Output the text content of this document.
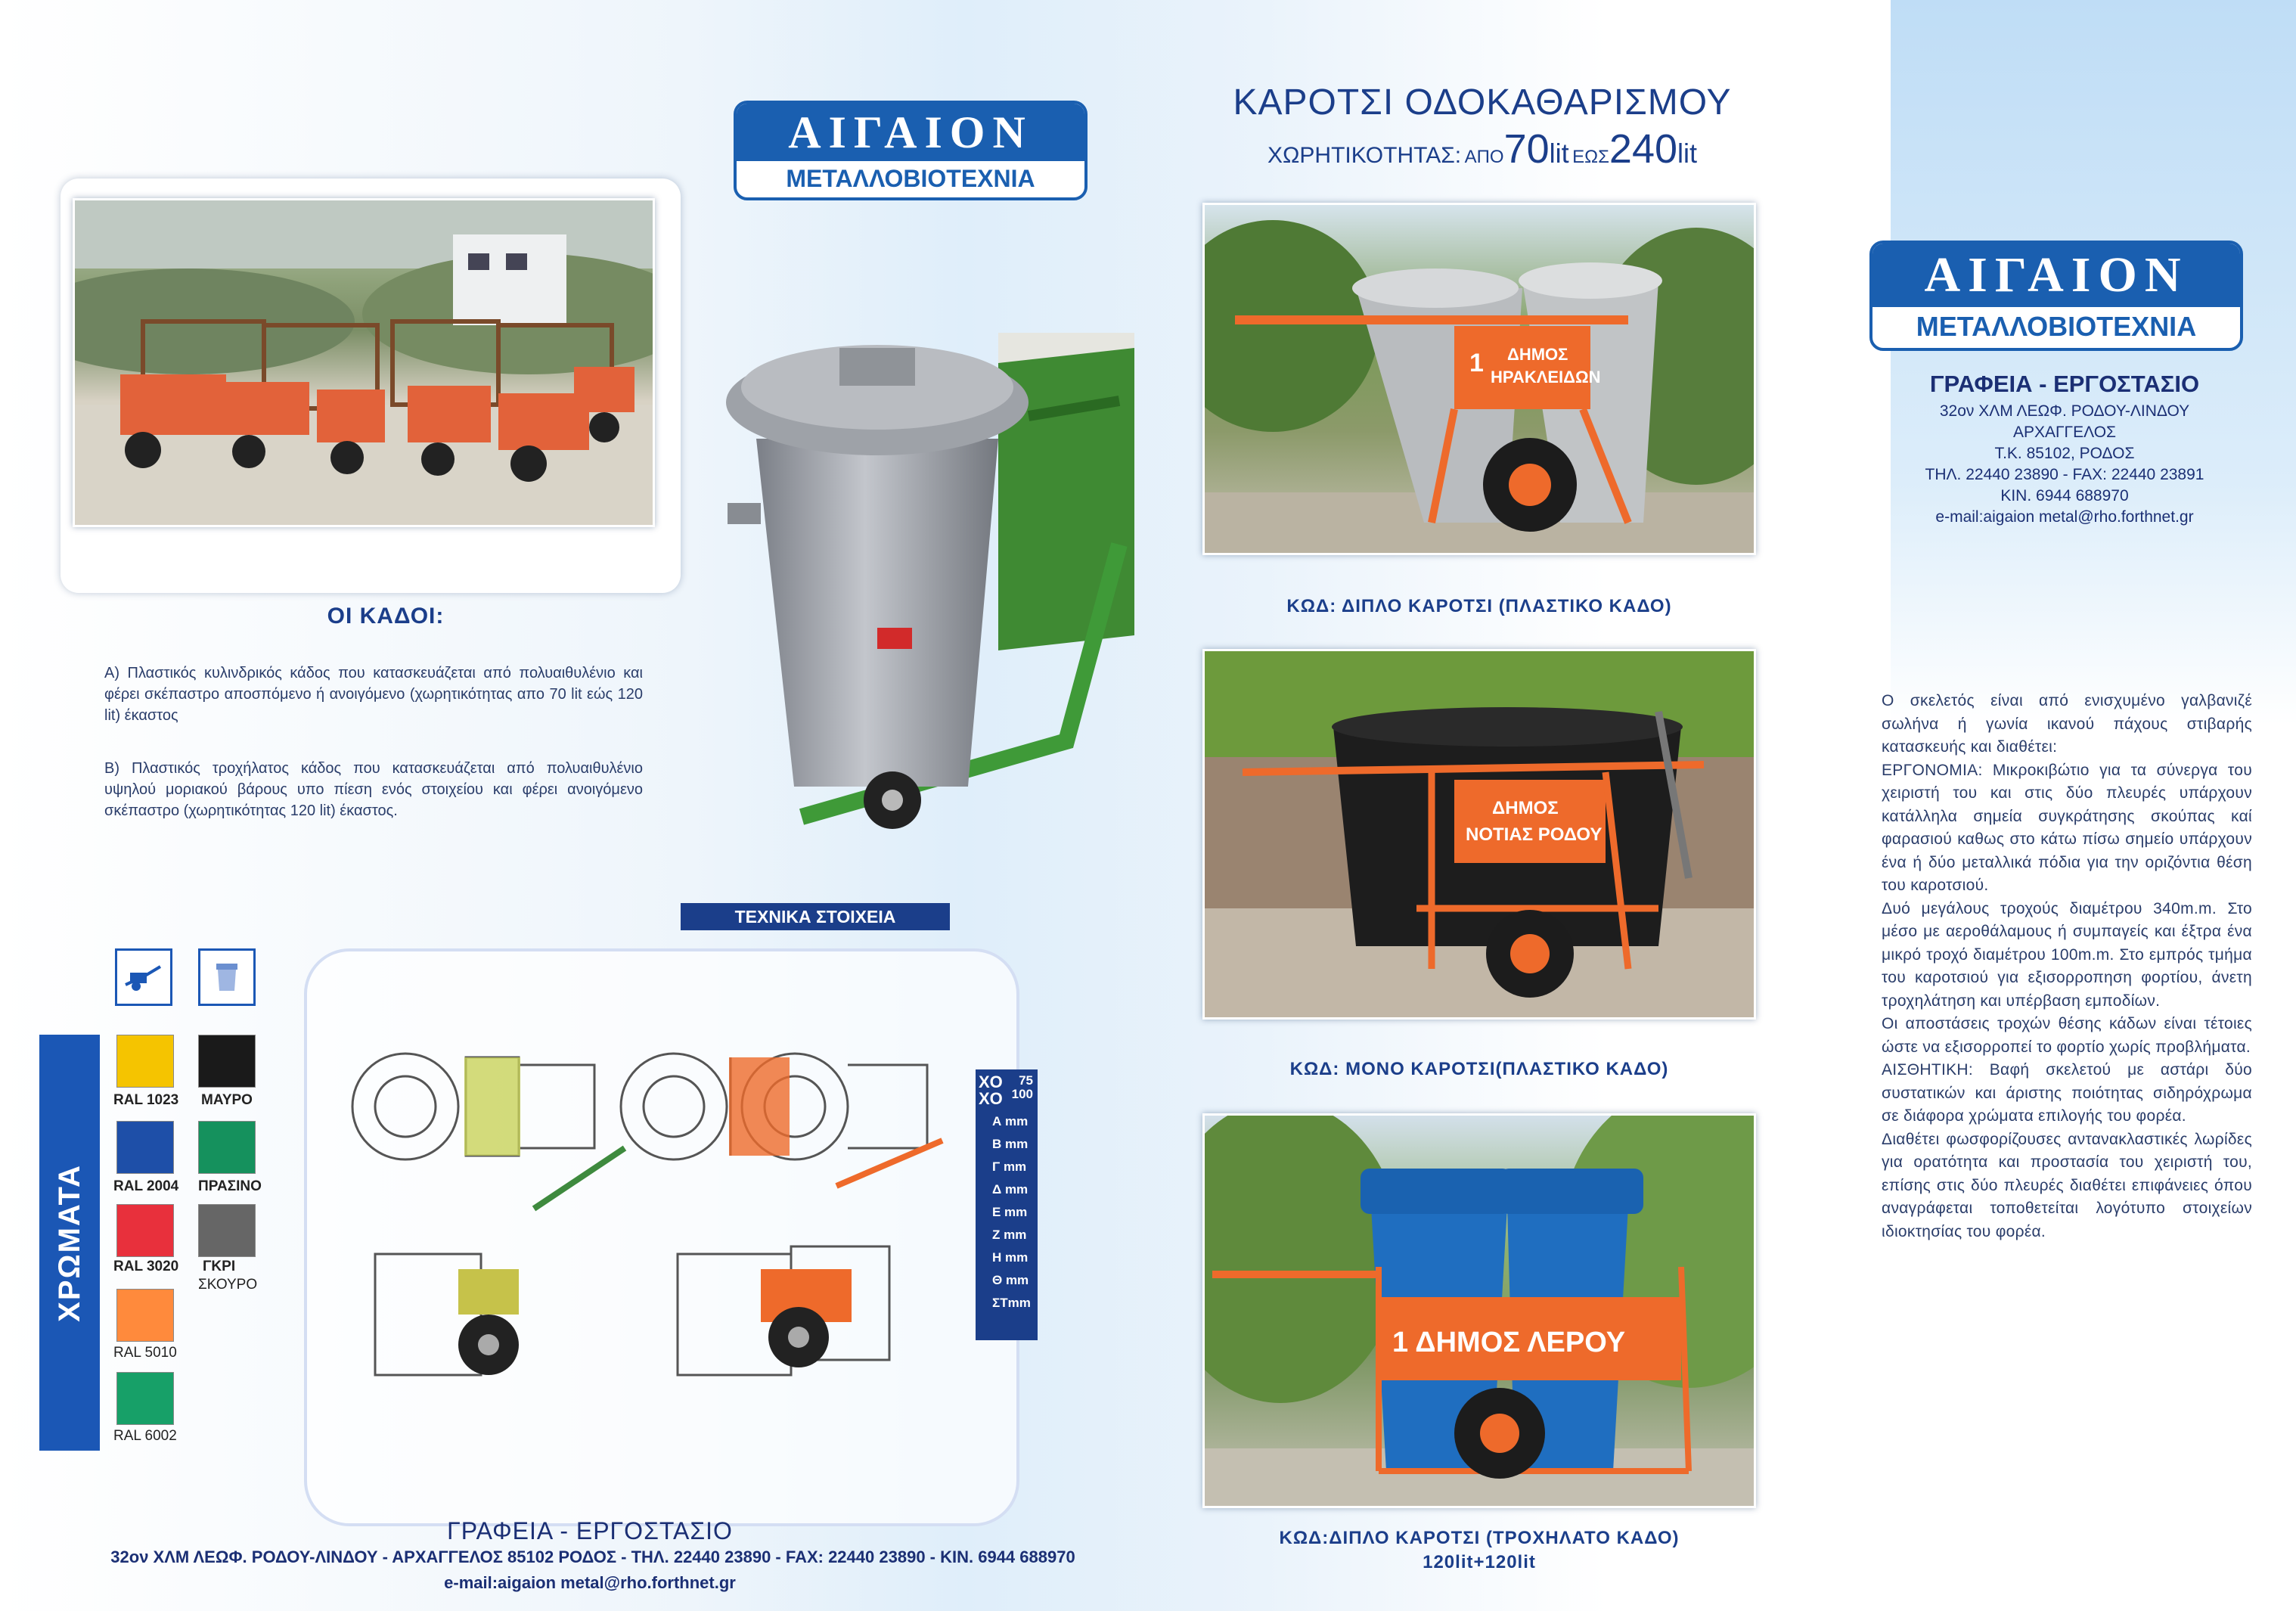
ΑΙΓΑΙΟΝ
ΜΕΤΑΛΛΟΒΙΟΤΕΧΝΙΑ
ΟΙ ΚΑΔΟΙ:
Α) Πλαστικός κυλινδρικός κάδος που κατασκευάζεται από πολυαιθυλένιο και φέρει σκέπαστρο αποσπόμενο ή ανοιγόμενο (χωρητικότητας απο 70 lit εώς 120 lit) έκαστος
Β) Πλαστικός τροχήλατος κάδος που κατασκευάζεται από πολυαιθυλένιο υψηλού μοριακού βάρους υπο πίεση ενός στοιχείου και φέρει ανοιγόμενο σκέπαστρο (χωρητικότητας 120 lit) έκαστος.
ΧΡΩΜΑΤΑ
RAL 1023 ΜΑΥΡΟ
RAL 2004 ΠΡΑΣΙΝΟ
RAL 3020 ΓΚΡΙ
ΣΚΟΥΡΟ
RAL 5010
RAL 6002
ΤΕΧΝΙΚΑ ΣΤΟΙΧΕΙΑ
ΧΟ 75

ΧΟ 100
Α mm
Β mm
Γ mm
Δ mm
Ε mm
Ζ mm
Η mm
Θ mm
ΣΤmm
ΓΡΑΦΕΙΑ - ΕΡΓΟΣΤΑΣΙΟ
32ον ΧΛΜ ΛΕΩΦ. ΡΟΔΟΥ-ΛΙΝΔΟΥ - ΑΡΧΑΓΓΕΛΟΣ 85102 ΡΟΔΟΣ - ΤΗΛ. 22440 23890 - FAX: 22440 23890 - ΚΙΝ. 6944 688970
e-mail:aigaion metal@rho.forthnet.gr
ΚΑΡΟΤΣΙ ΟΔΟΚΑΘΑΡΙΣΜΟΥ
ΧΩΡΗΤΙΚΟΤΗΤΑΣ: ΑΠΟ70lit ΕΩΣ240lit
1 ΔΗΜΟΣ
ΗΡΑΚΛΕΙΔΩΝ
ΚΩΔ: ΔΙΠΛΟ ΚΑΡΟΤΣΙ (ΠΛΑΣΤΙΚΟ ΚΑΔΟ)
ΔΗΜΟΣ
ΝΟΤΙΑΣ ΡΟΔΟΥ
ΚΩΔ: ΜΟΝΟ ΚΑΡΟΤΣΙ(ΠΛΑΣΤΙΚΟ ΚΑΔΟ)
1 ΔΗΜΟΣ ΛΕΡΟΥ
ΚΩΔ:ΔΙΠΛΟ ΚΑΡΟΤΣΙ (ΤΡΟΧΗΛΑΤΟ ΚΑΔΟ)
120lit+120lit
ΑΙΓΑΙΟΝ
ΜΕΤΑΛΛΟΒΙΟΤΕΧΝΙΑ
ΓΡΑΦΕΙΑ - ΕΡΓΟΣΤΑΣΙΟ
32ον ΧΛΜ ΛΕΩΦ. ΡΟΔΟΥ-ΛΙΝΔΟΥ
ΑΡΧΑΓΓΕΛΟΣ
Τ.Κ. 85102, ΡΟΔΟΣ
ΤΗΛ. 22440 23890 - FAX: 22440 23891
ΚΙΝ. 6944 688970
e-mail:aigaion metal@rho.forthnet.gr
Ο σκελετός είναι από ενισχυμένο γαλβανιζέ σωλήνα ή γωνία ικανού πάχους στιβαρής κατασκευής και διαθέτει:
ΕΡΓΟΝΟΜΙΑ: Μικροκιβώτιο για τα σύνεργα του χειριστή του και στις δύο πλευρές υπάρχουν κατάλληλα σημεία συγκράτησης σκούπας καί φαρασιού καθως στο κάτω πίσω σημείο υπάρχουν ένα ή δύο μεταλλικά πόδια για την οριζόντια θέση του καροτσιού.
Δυό μεγάλους τροχούς διαμέτρου 340m.m. Στο μέσο με αεροθάλαμους ή συμπαγείς και έξτρα ένα μικρό τροχό διαμέτρου 100m.m. Στο εμπρός τμήμα του καροτσιού για εξισορροπηση φορτίου, άνετη τροχηλάτηση και υπέρβαση εμποδίων.
Οι αποστάσεις τροχών θέσης κάδων είναι τέτοιες ώστε να εξισορροπεί το φορτίο χωρίς προβλήματα.
ΑΙΣΘΗΤΙΚΗ: Βαφή σκελετού με αστάρι δύο συστατικών και άριστης ποιότητας σιδηρόχρωμα σε διάφορα χρώματα επιλογής του φορέα.
Διαθέτει φωσφορίζουσες αντανακλαστικές λωρίδες για ορατότητα και προστασία του χειριστή του, επίσης στις δύο πλευρές διαθέτει επιφάνειες όπου αναγράφεται τοποθετείται λογότυπο στοιχείων ιδιοκτησίας του φορέα.
